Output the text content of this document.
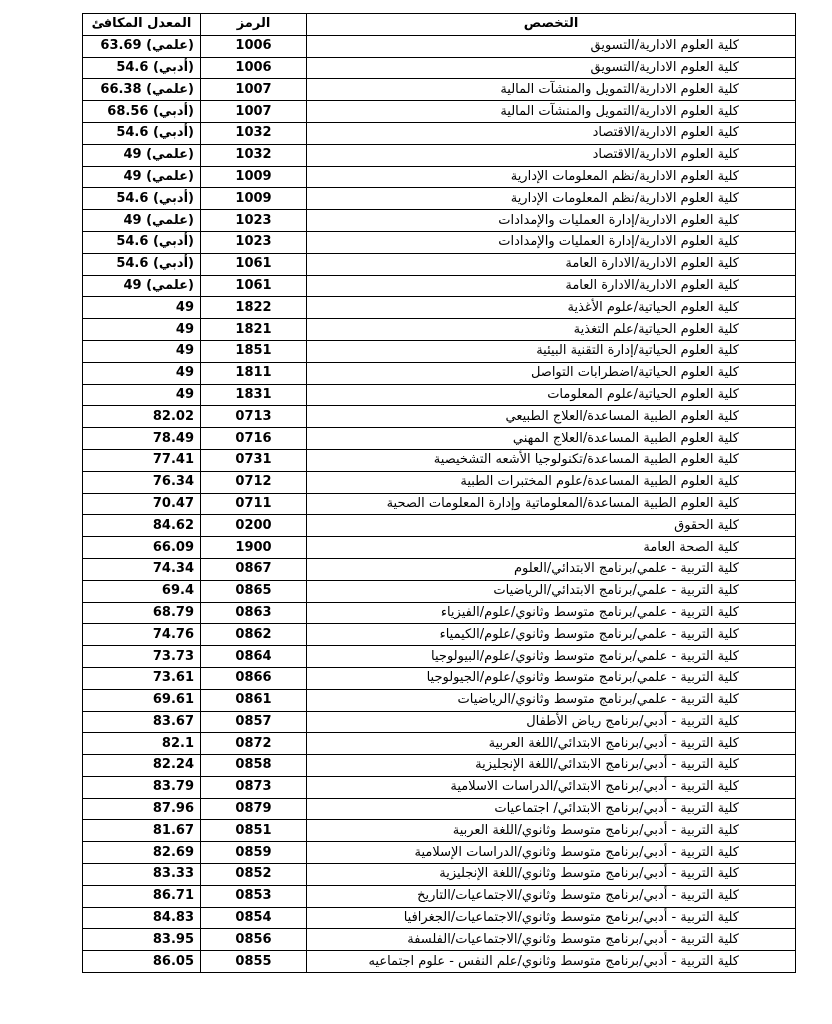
المعدل المكافئ	الرمز	التخصص
(علمي) 63.69	1006	كلية العلوم الادارية/التسويق
(أدبي) 54.6	1006	كلية العلوم الادارية/التسويق
(علمي) 66.38	1007	كلية العلوم الادارية/التمويل والمنشآت المالية
(أدبي) 68.56	1007	كلية العلوم الادارية/التمويل والمنشآت المالية
(أدبي) 54.6	1032	كلية العلوم الادارية/الاقتصاد
(علمي) 49	1032	كلية العلوم الادارية/الاقتصاد
(علمي) 49	1009	كلية العلوم الادارية/نظم المعلومات الإدارية
(أدبي) 54.6	1009	كلية العلوم الادارية/نظم المعلومات الإدارية
(علمي) 49	1023	كلية العلوم الادارية/إدارة العمليات والإمدادات
(أدبي) 54.6	1023	كلية العلوم الادارية/إدارة العمليات والإمدادات
(أدبي) 54.6	1061	كلية العلوم الادارية/الادارة العامة
(علمي) 49	1061	كلية العلوم الادارية/الادارة العامة
49	1822	كلية العلوم الحياتية/علوم الأغذية
49	1821	كلية العلوم الحياتية/علم التغذية
49	1851	كلية العلوم الحياتية/إدارة التقنية البيئية
49	1811	كلية العلوم الحياتية/اضطرابات التواصل
49	1831	كلية العلوم الحياتية/علوم المعلومات
82.02	0713	كلية العلوم الطبية المساعدة/العلاج الطبيعي
78.49	0716	كلية العلوم الطبية المساعدة/العلاج المهني
77.41	0731	كلية العلوم الطبية المساعدة/تكنولوجيا الأشعه التشخيصية
76.34	0712	كلية العلوم الطبية المساعدة/علوم المختبرات الطبية
70.47	0711	كلية العلوم الطبية المساعدة/المعلوماتية وإدارة المعلومات الصحية
84.62	0200	كلية الحقوق
66.09	1900	كلية الصحة العامة
74.34	0867	كلية التربية - علمي/برنامج الابتدائي/العلوم
69.4	0865	كلية التربية - علمي/برنامج الابتدائي/الرياضيات
68.79	0863	كلية التربية - علمي/برنامج متوسط وثانوي/علوم/الفيزياء
74.76	0862	كلية التربية - علمي/برنامج متوسط وثانوي/علوم/الكيمياء
73.73	0864	كلية التربية - علمي/برنامج متوسط وثانوي/علوم/البيولوجيا
73.61	0866	كلية التربية - علمي/برنامج متوسط وثانوي/علوم/الجيولوجيا
69.61	0861	كلية التربية - علمي/برنامج متوسط وثانوي/الرياضيات
83.67	0857	كلية التربية - أدبي/برنامج رياض الأطفال
82.1	0872	كلية التربية - أدبي/برنامج الابتدائي/اللغة العربية
82.24	0858	كلية التربية - أدبي/برنامج الابتدائي/اللغة الإنجليزية
83.79	0873	كلية التربية - أدبي/برنامج الابتدائي/الدراسات الاسلامية
87.96	0879	كلية التربية - أدبي/برنامج الابتدائي/ اجتماعيات
81.67	0851	كلية التربية - أدبي/برنامج متوسط وثانوي/اللغة العربية
82.69	0859	كلية التربية - أدبي/برنامج متوسط وثانوي/الدراسات الإسلامية
83.33	0852	كلية التربية - أدبي/برنامج متوسط وثانوي/اللغة الإنجليزية
86.71	0853	كلية التربية - أدبي/برنامج متوسط وثانوي/الاجتماعيات/التاريخ
84.83	0854	كلية التربية - أدبي/برنامج متوسط وثانوي/الاجتماعيات/الجغرافيا
83.95	0856	كلية التربية - أدبي/برنامج متوسط وثانوي/الاجتماعيات/الفلسفة
86.05	0855	كلية التربية - أدبي/برنامج متوسط وثانوي/علم النفس - علوم اجتماعيه
